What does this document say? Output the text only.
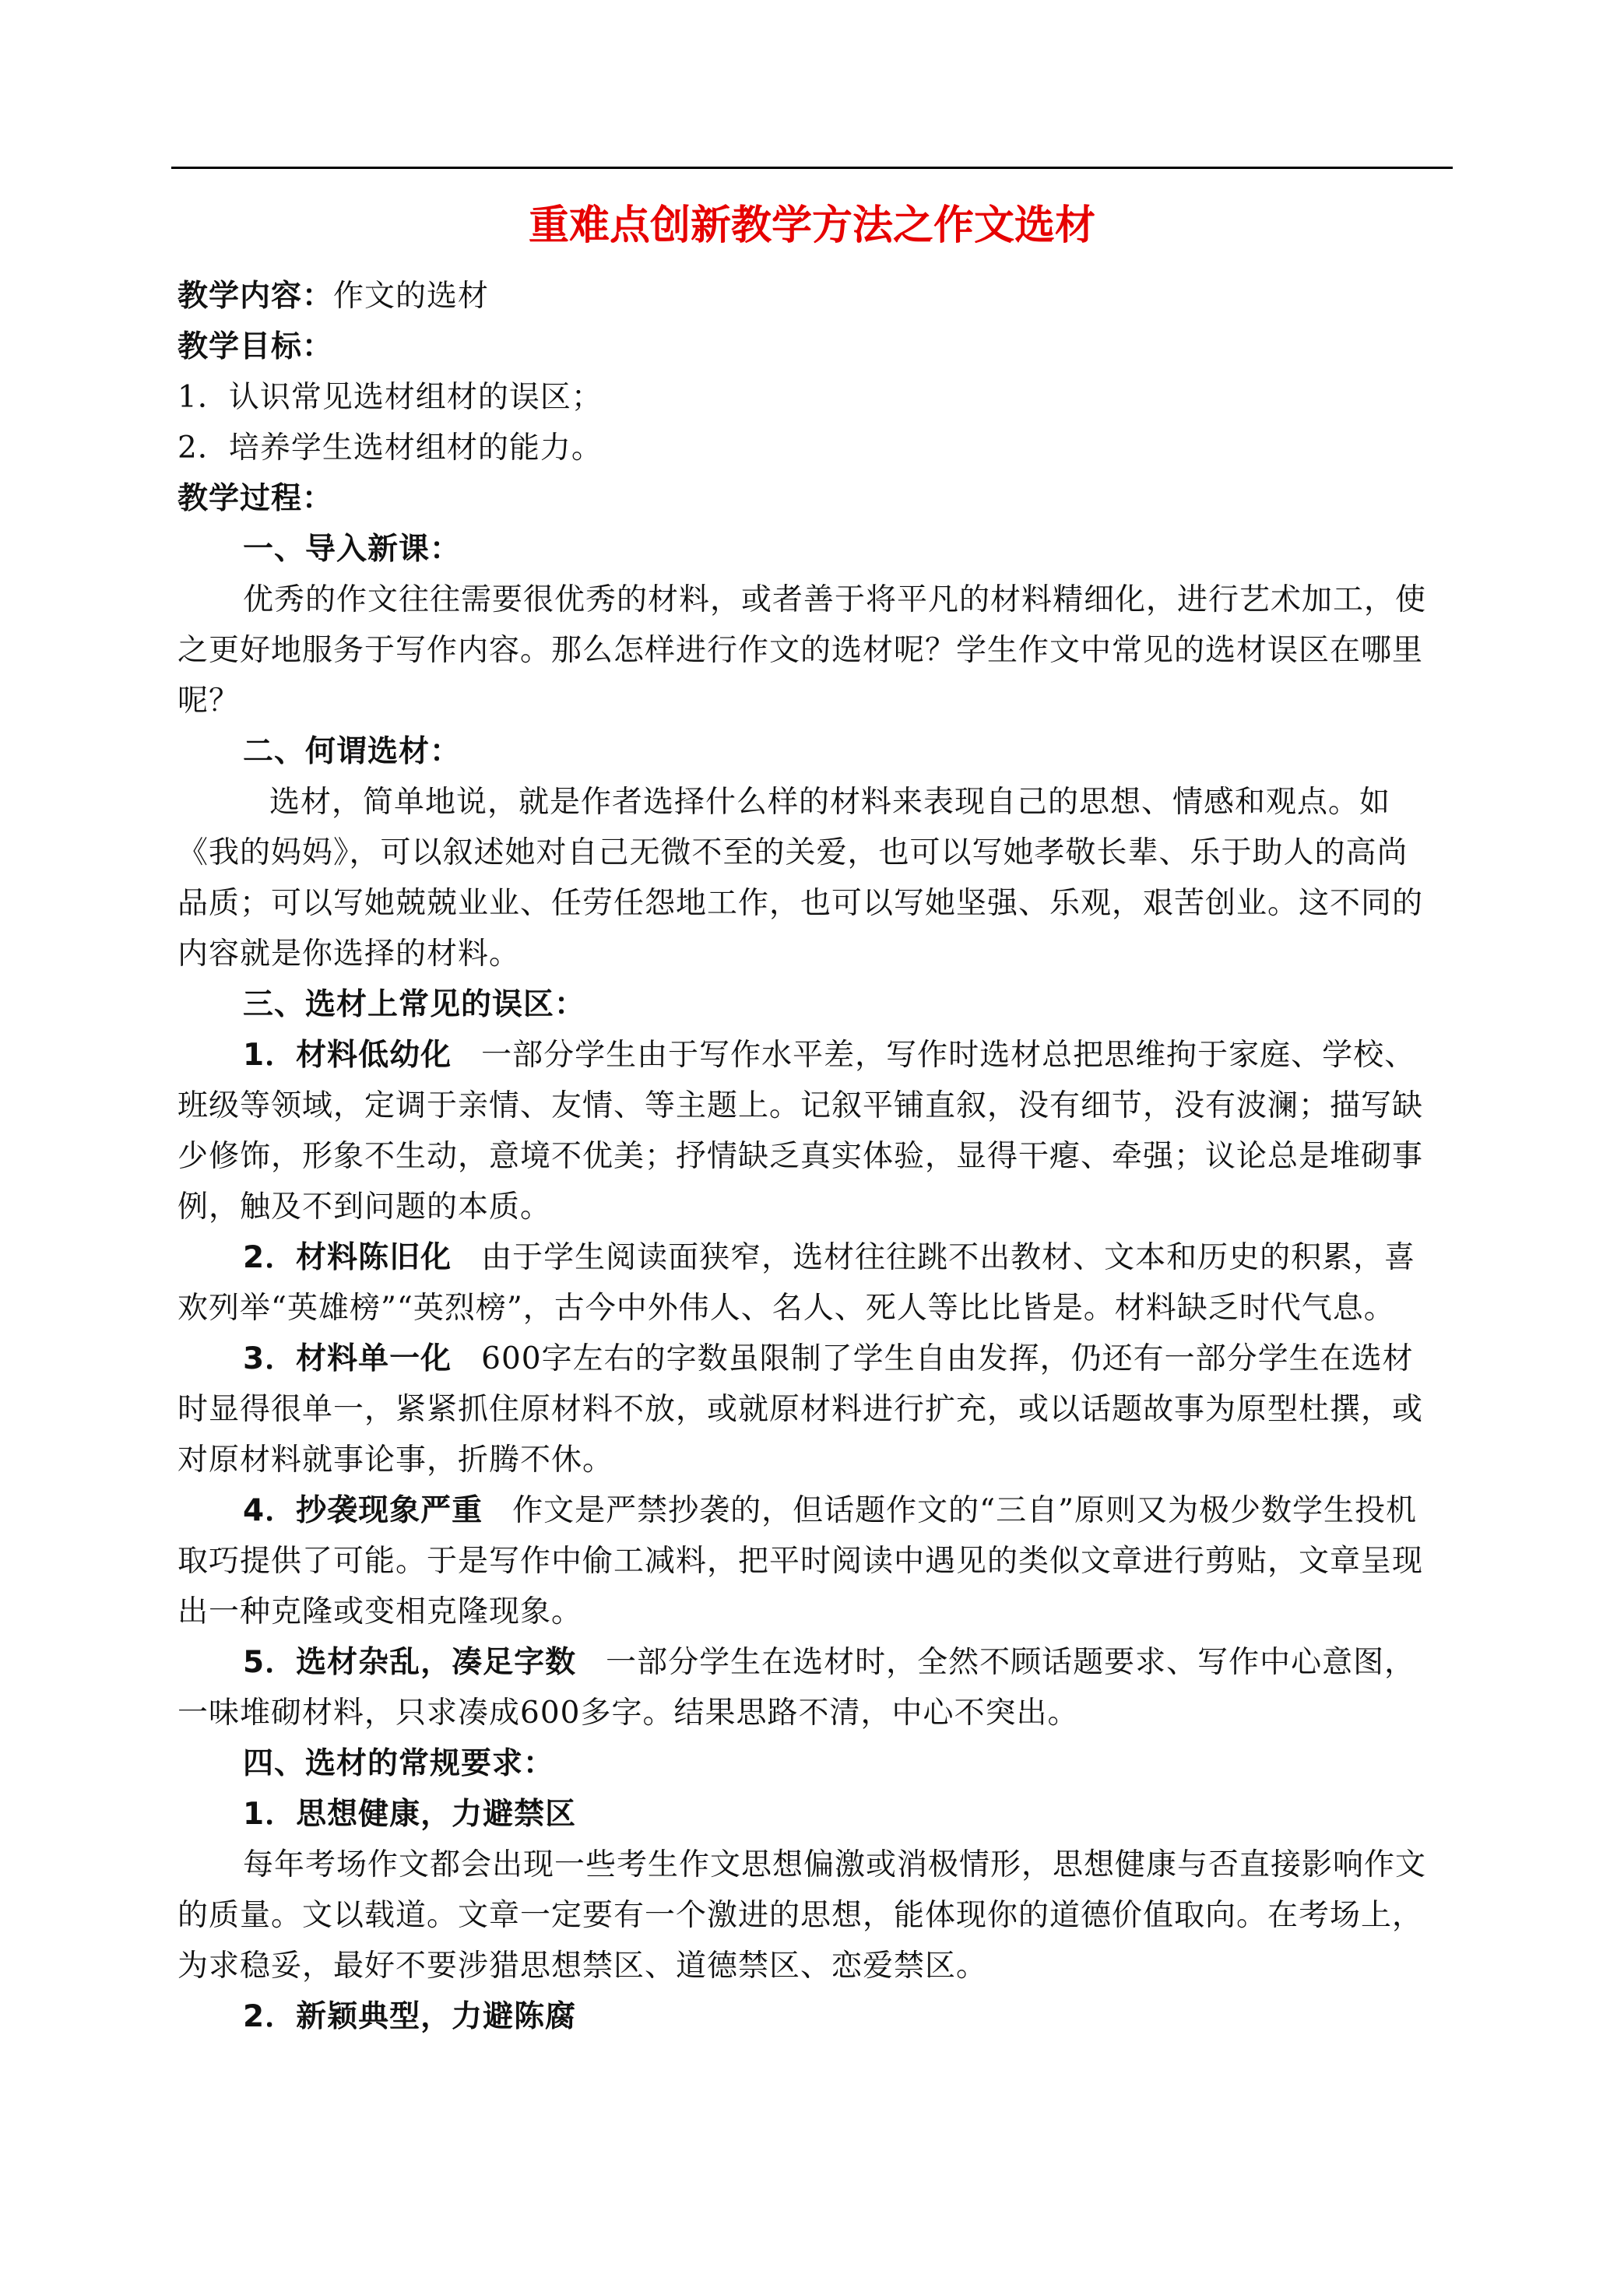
重难点创新教学方法之作文选材

教学内容：作文的选材

教学目标：

1．认识常见选材组材的误区；

2．培养学生选材组材的能力。

教学过程：

一、导入新课：

优秀的作文往往需要很优秀的材料，或者善于将平凡的材料精细化，进行艺术加工，使之更好地服务于写作内容。那么怎样进行作文的选材呢？学生作文中常见的选材误区在哪里呢？

二、何谓选材：

选材，简单地说，就是作者选择什么样的材料来表现自己的思想、情感和观点。如《我的妈妈》，可以叙述她对自己无微不至的关爱，也可以写她孝敬长辈、乐于助人的高尚品质；可以写她兢兢业业、任劳任怨地工作，也可以写她坚强、乐观，艰苦创业。这不同的内容就是你选择的材料。

三、选材上常见的误区：

1．材料低幼化 一部分学生由于写作水平差，写作时选材总把思维拘于家庭、学校、班级等领域，定调于亲情、友情、等主题上。记叙平铺直叙，没有细节，没有波澜；描写缺少修饰，形象不生动，意境不优美；抒情缺乏真实体验，显得干瘪、牵强；议论总是堆砌事例，触及不到问题的本质。

2．材料陈旧化 由于学生阅读面狭窄，选材往往跳不出教材、文本和历史的积累，喜欢列举“英雄榜”“英烈榜”，古今中外伟人、名人、死人等比比皆是。材料缺乏时代气息。

3．材料单一化 600字左右的字数虽限制了学生自由发挥，仍还有一部分学生在选材时显得很单一，紧紧抓住原材料不放，或就原材料进行扩充，或以话题故事为原型杜撰，或对原材料就事论事，折腾不休。

4．抄袭现象严重 作文是严禁抄袭的，但话题作文的“三自”原则又为极少数学生投机取巧提供了可能。于是写作中偷工减料，把平时阅读中遇见的类似文章进行剪贴，文章呈现出一种克隆或变相克隆现象。

5．选材杂乱，凑足字数 一部分学生在选材时，全然不顾话题要求、写作中心意图，一味堆砌材料，只求凑成600多字。结果思路不清，中心不突出。

四、选材的常规要求：

1．思想健康，力避禁区

每年考场作文都会出现一些考生作文思想偏激或消极情形，思想健康与否直接影响作文的质量。文以载道。文章一定要有一个激进的思想，能体现你的道德价值取向。在考场上，为求稳妥，最好不要涉猎思想禁区、道德禁区、恋爱禁区。

2．新颖典型，力避陈腐
